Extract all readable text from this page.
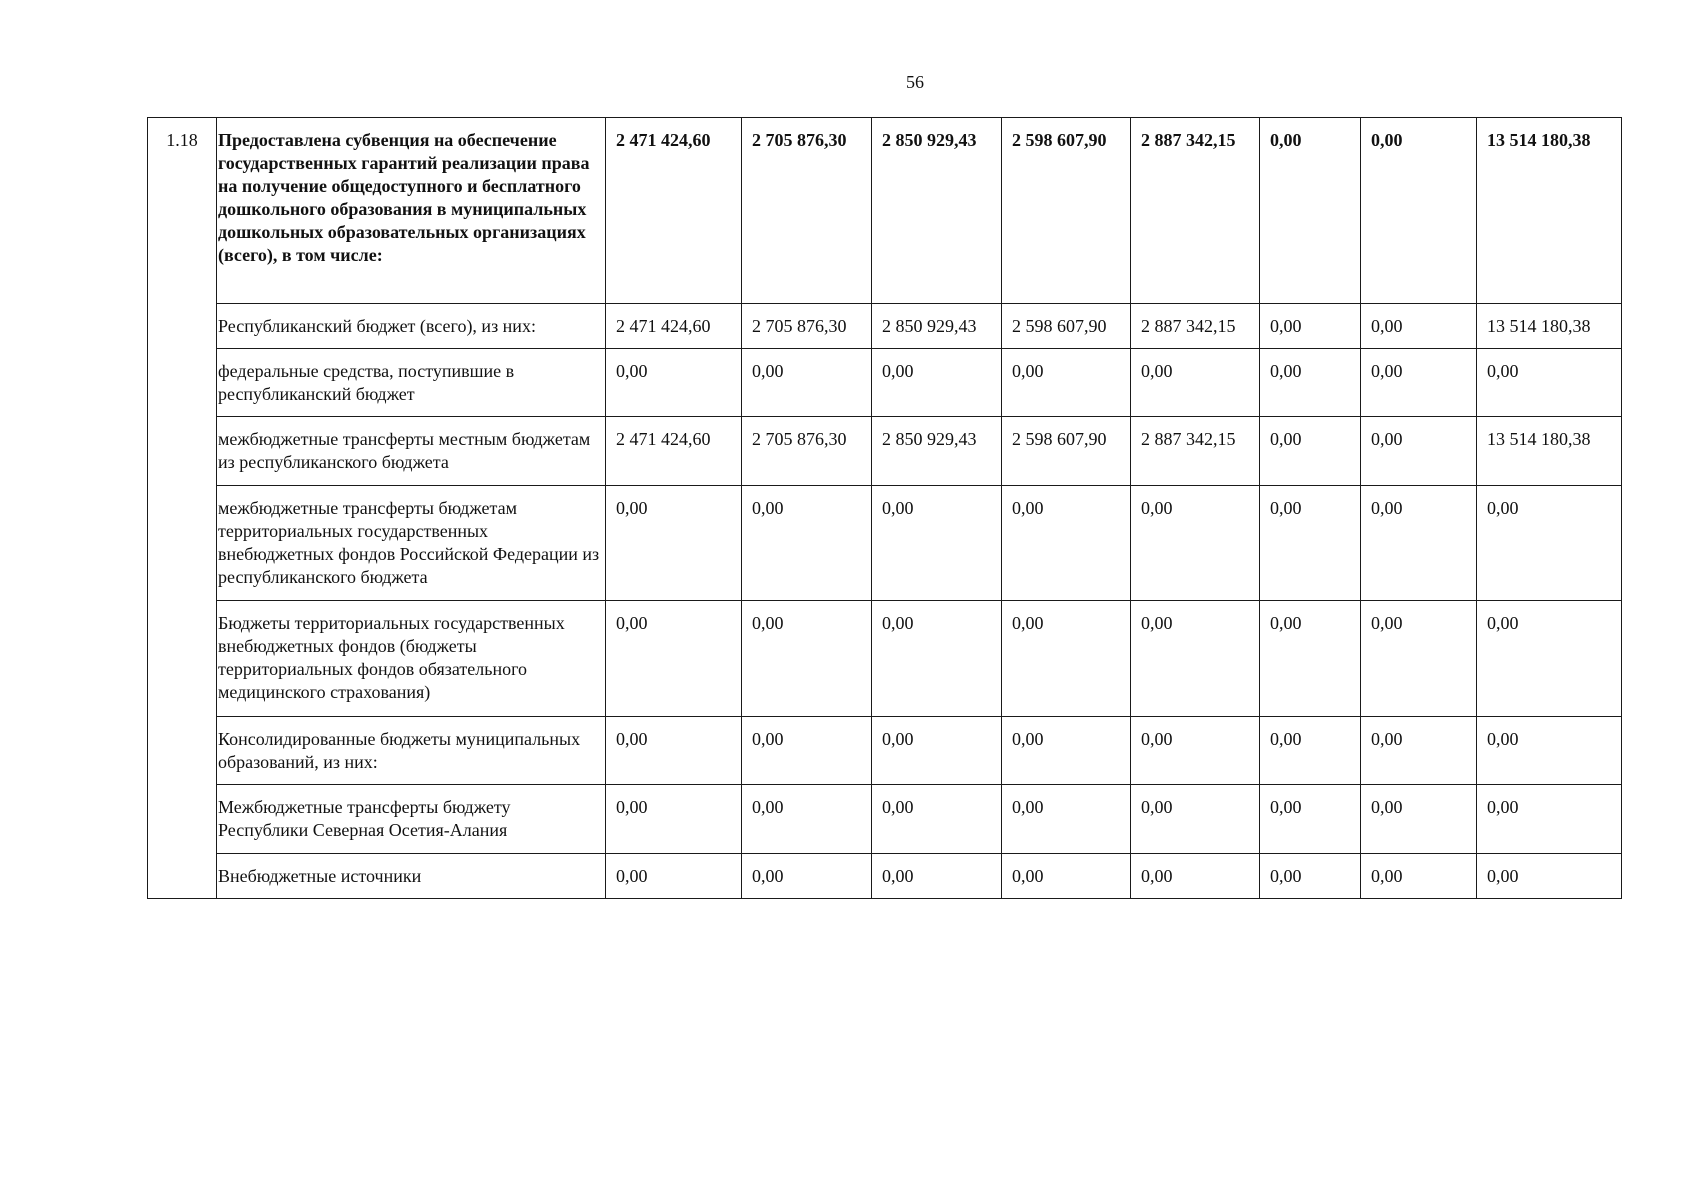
56
1.18	Предоставлена субвенция на обеспечение государственных гарантий реализации права на получение общедоступного и бесплатного дошкольного образования в муниципальных дошкольных образовательных организациях (всего), в том числе:	2 471 424,60	2 705 876,30	2 850 929,43	2 598 607,90	2 887 342,15	0,00	0,00	13 514 180,38
	Республиканский бюджет (всего), из них:	2 471 424,60	2 705 876,30	2 850 929,43	2 598 607,90	2 887 342,15	0,00	0,00	13 514 180,38
	федеральные средства, поступившие в республиканский бюджет	0,00	0,00	0,00	0,00	0,00	0,00	0,00	0,00
	межбюджетные трансферты местным бюджетам из республиканского бюджета	2 471 424,60	2 705 876,30	2 850 929,43	2 598 607,90	2 887 342,15	0,00	0,00	13 514 180,38
	межбюджетные трансферты бюджетам территориальных государственных внебюджетных фондов Российской Федерации из республиканского бюджета	0,00	0,00	0,00	0,00	0,00	0,00	0,00	0,00
	Бюджеты территориальных государственных внебюджетных фондов (бюджеты территориальных фондов обязательного медицинского страхования)	0,00	0,00	0,00	0,00	0,00	0,00	0,00	0,00
	Консолидированные бюджеты муниципальных образований, из них:	0,00	0,00	0,00	0,00	0,00	0,00	0,00	0,00
	Межбюджетные трансферты бюджету Республики Северная Осетия-Алания	0,00	0,00	0,00	0,00	0,00	0,00	0,00	0,00
	Внебюджетные источники	0,00	0,00	0,00	0,00	0,00	0,00	0,00	0,00
